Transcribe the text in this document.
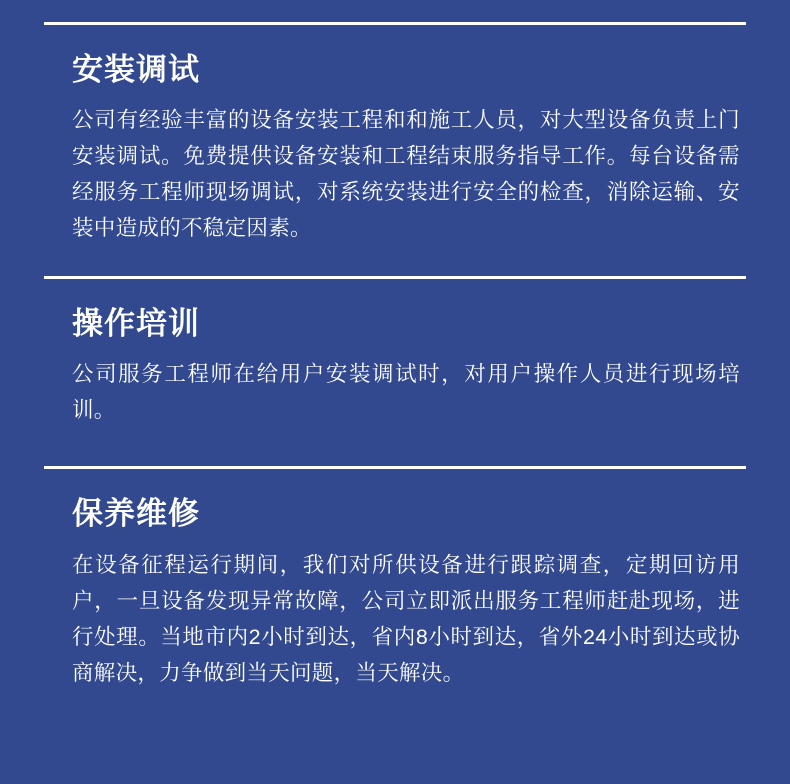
安装调试

公司有经验丰富的设备安装工程和和施工人员，对大型设备负责上门安装调试。免费提供设备安装和工程结束服务指导工作。每台设备需经服务工程师现场调试，对系统安装进行安全的检查，消除运输、安装中造成的不稳定因素。

操作培训

公司服务工程师在给用户安装调试时，对用户操作人员进行现场培训。

保养维修

在设备征程运行期间，我们对所供设备进行跟踪调查，定期回访用户，一旦设备发现异常故障，公司立即派出服务工程师赶赴现场，进行处理。当地市内2小时到达，省内8小时到达，省外24小时到达或协商解决，力争做到当天问题，当天解决。
